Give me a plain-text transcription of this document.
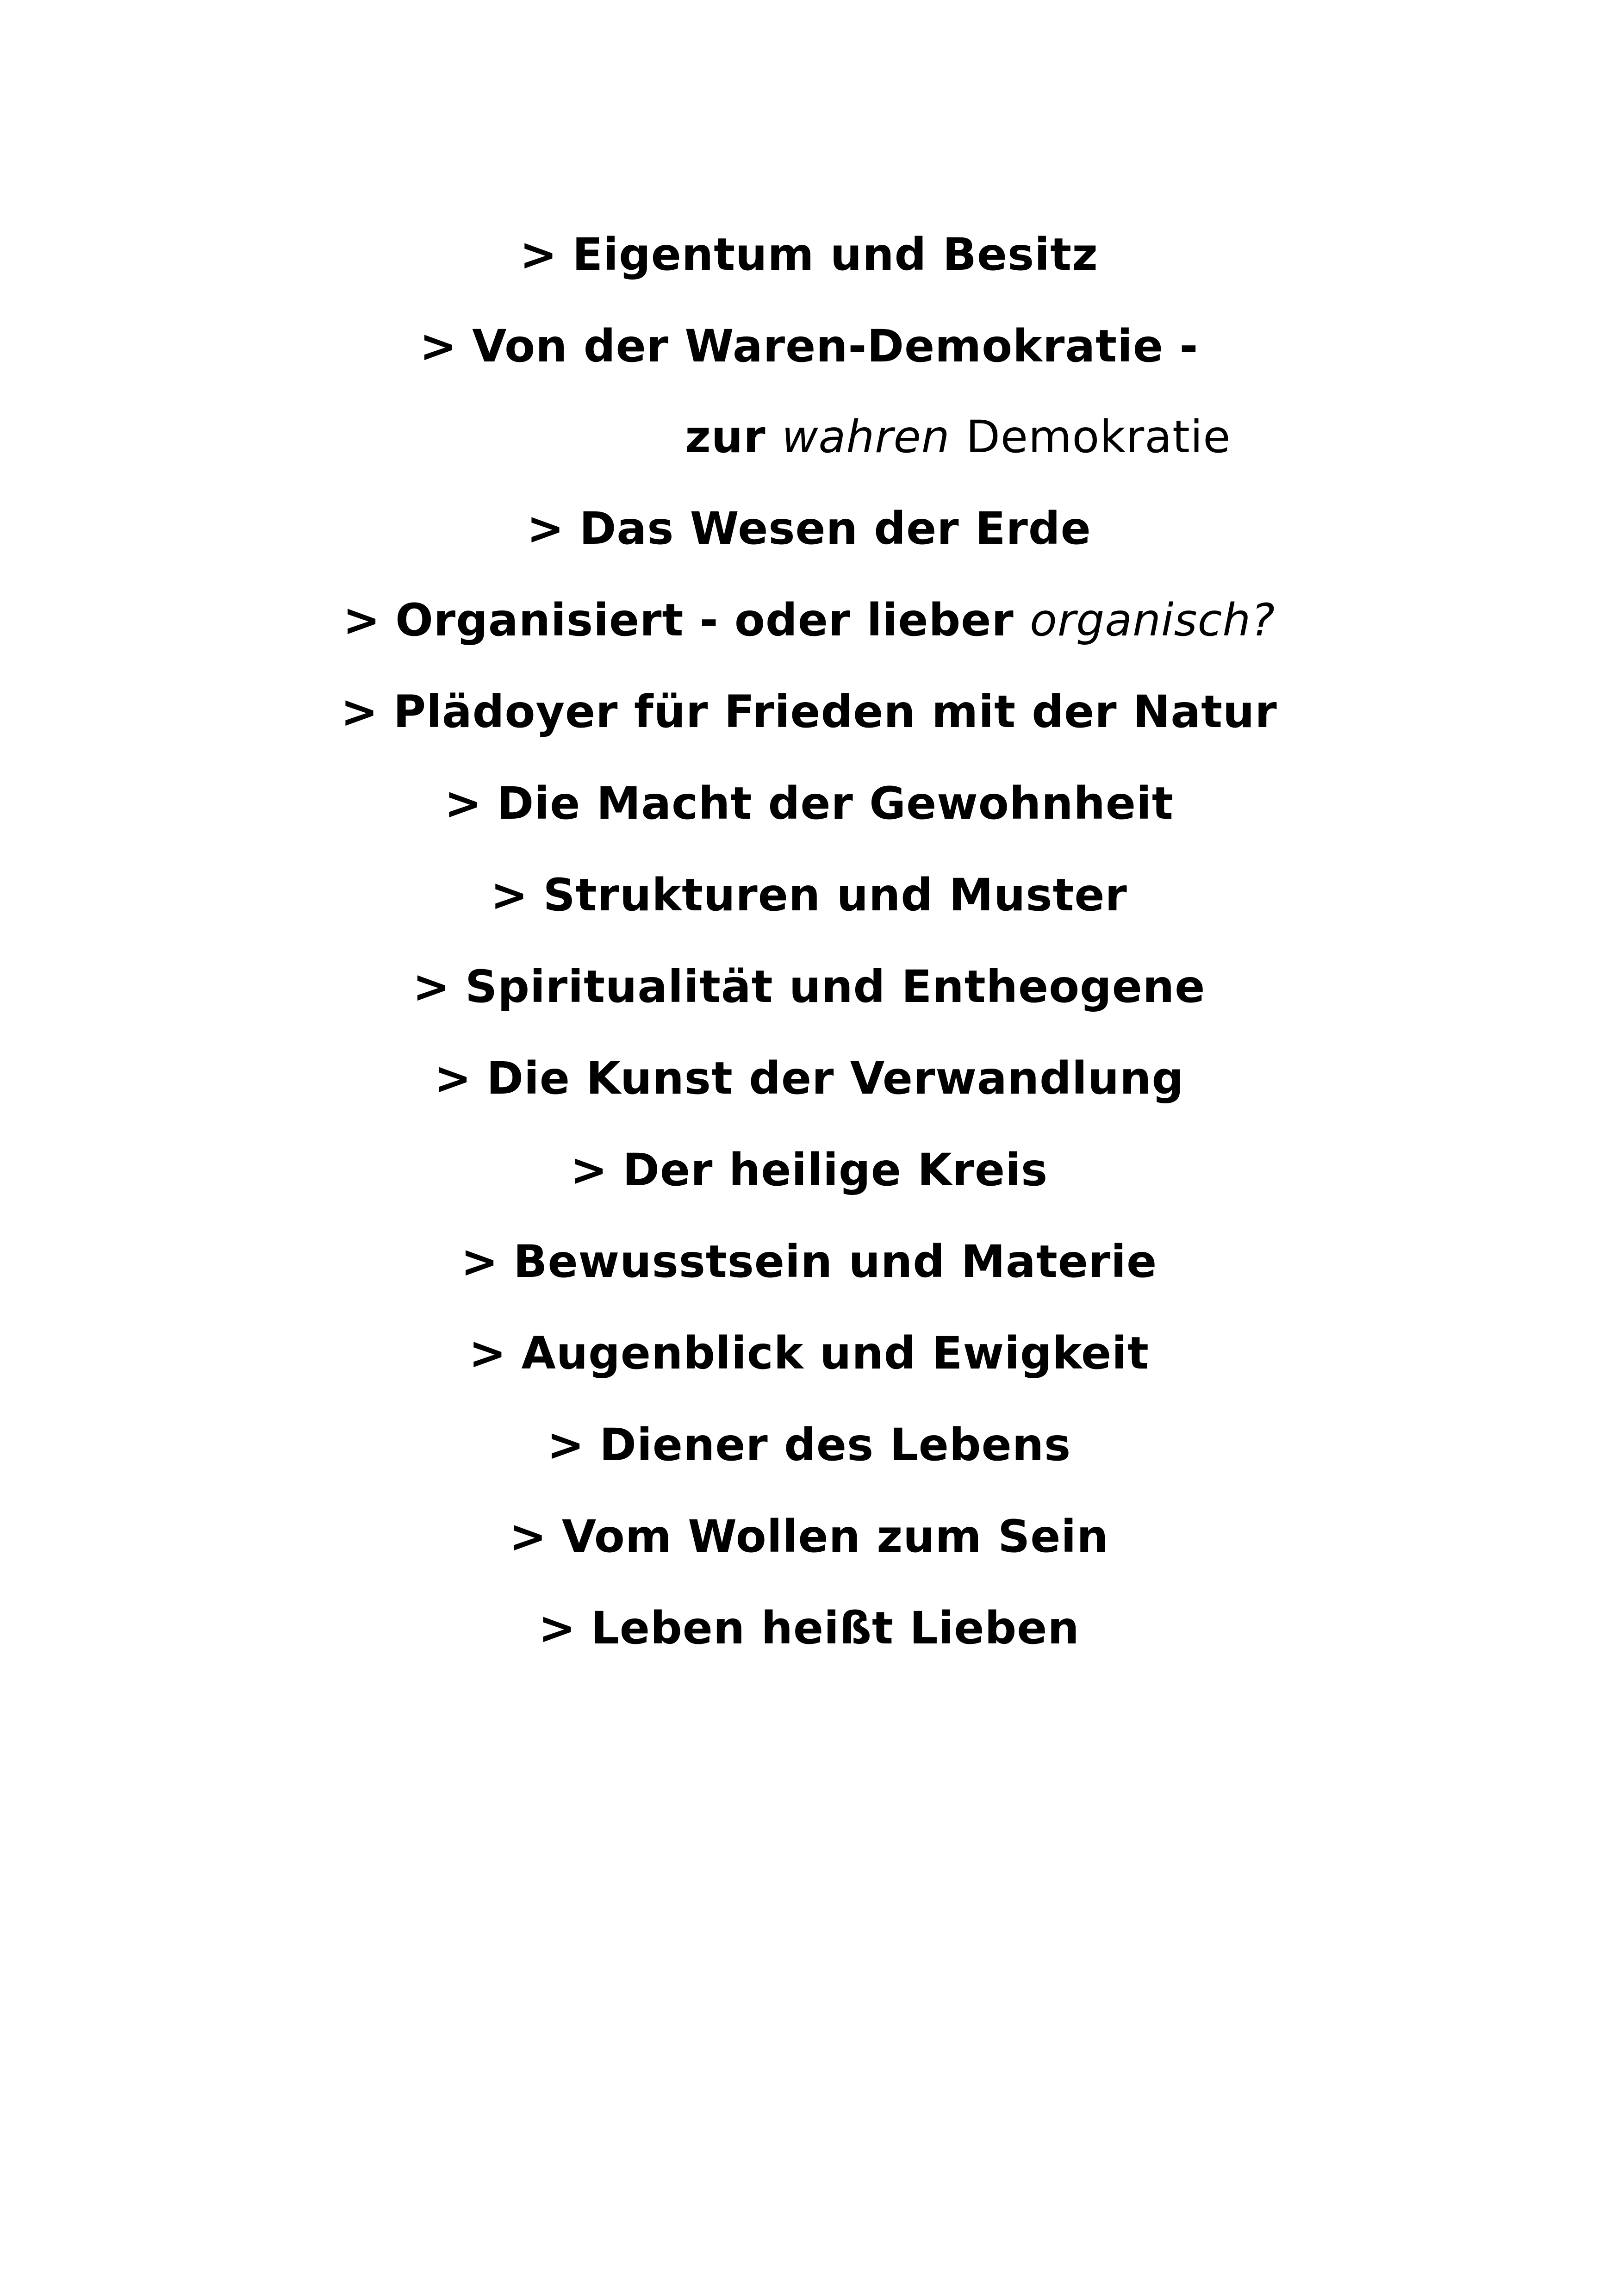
> Eigentum und Besitz
> Von der Waren-Demokratie -
zur wahren Demokratie
> Das Wesen der Erde
> Organisiert - oder lieber organisch?
> Plädoyer für Frieden mit der Natur
> Die Macht der Gewohnheit
> Strukturen und Muster
> Spiritualität und Entheogene
> Die Kunst der Verwandlung
> Der heilige Kreis
> Bewusstsein und Materie
> Augenblick und Ewigkeit
> Diener des Lebens
> Vom Wollen zum Sein
> Leben heißt Lieben
